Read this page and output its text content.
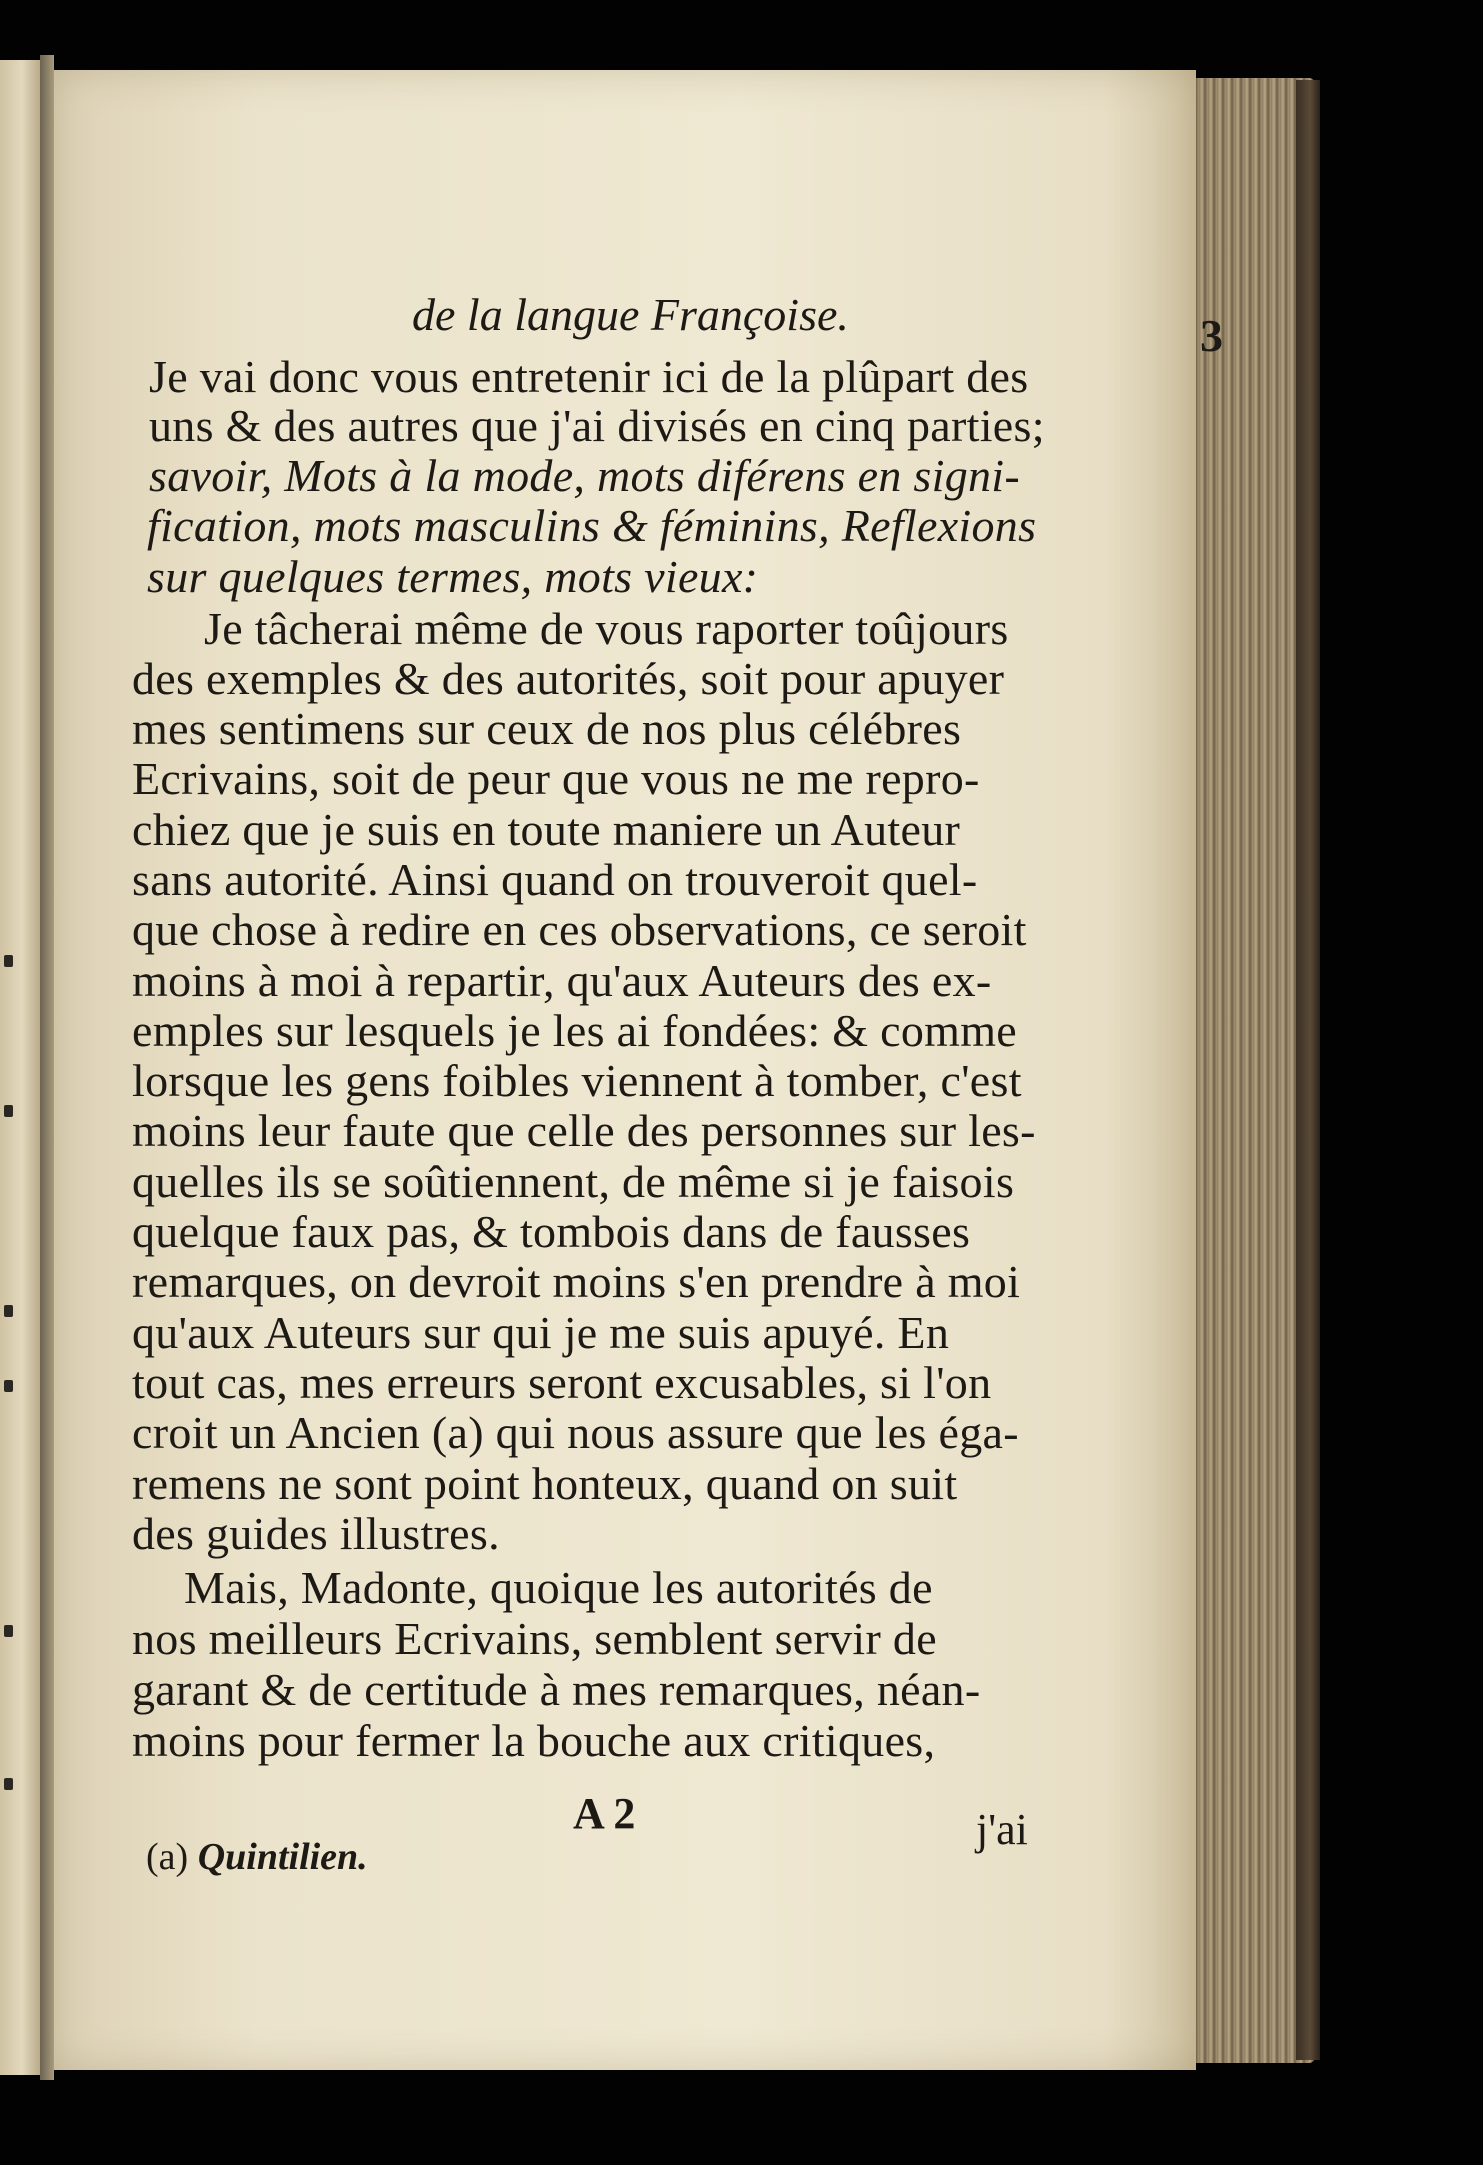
de la langue Françoise.	3
Je vai donc vous entretenir ici de la plûpart des
uns & des autres que j'ai divisés en cinq parties;
savoir, Mots à la mode, mots diférens en signi-
fication, mots masculins & féminins, Reflexions
sur quelques termes, mots vieux:
Je tâcherai même de vous raporter toûjours
des exemples & des autorités, soit pour apuyer
mes sentimens sur ceux de nos plus célébres
Ecrivains, soit de peur que vous ne me repro-
chiez que je suis en toute maniere un Auteur
sans autorité. Ainsi quand on trouveroit quel-
que chose à redire en ces observations, ce seroit
moins à moi à repartir, qu'aux Auteurs des ex-
emples sur lesquels je les ai fondées: & comme
lorsque les gens foibles viennent à tomber, c'est
moins leur faute que celle des personnes sur les-
quelles ils se soûtiennent, de même si je faisois
quelque faux pas, & tombois dans de fausses
remarques, on devroit moins s'en prendre à moi
qu'aux Auteurs sur qui je me suis apuyé. En
tout cas, mes erreurs seront excusables, si l'on
croit un Ancien (a) qui nous assure que les éga-
remens ne sont point honteux, quand on suit
des guides illustres.
Mais, Madonte, quoique les autorités de
nos meilleurs Ecrivains, semblent servir de
garant & de certitude à mes remarques, néan-
moins pour fermer la bouche aux critiques,
A 2	j'ai
(a) Quintilien.
